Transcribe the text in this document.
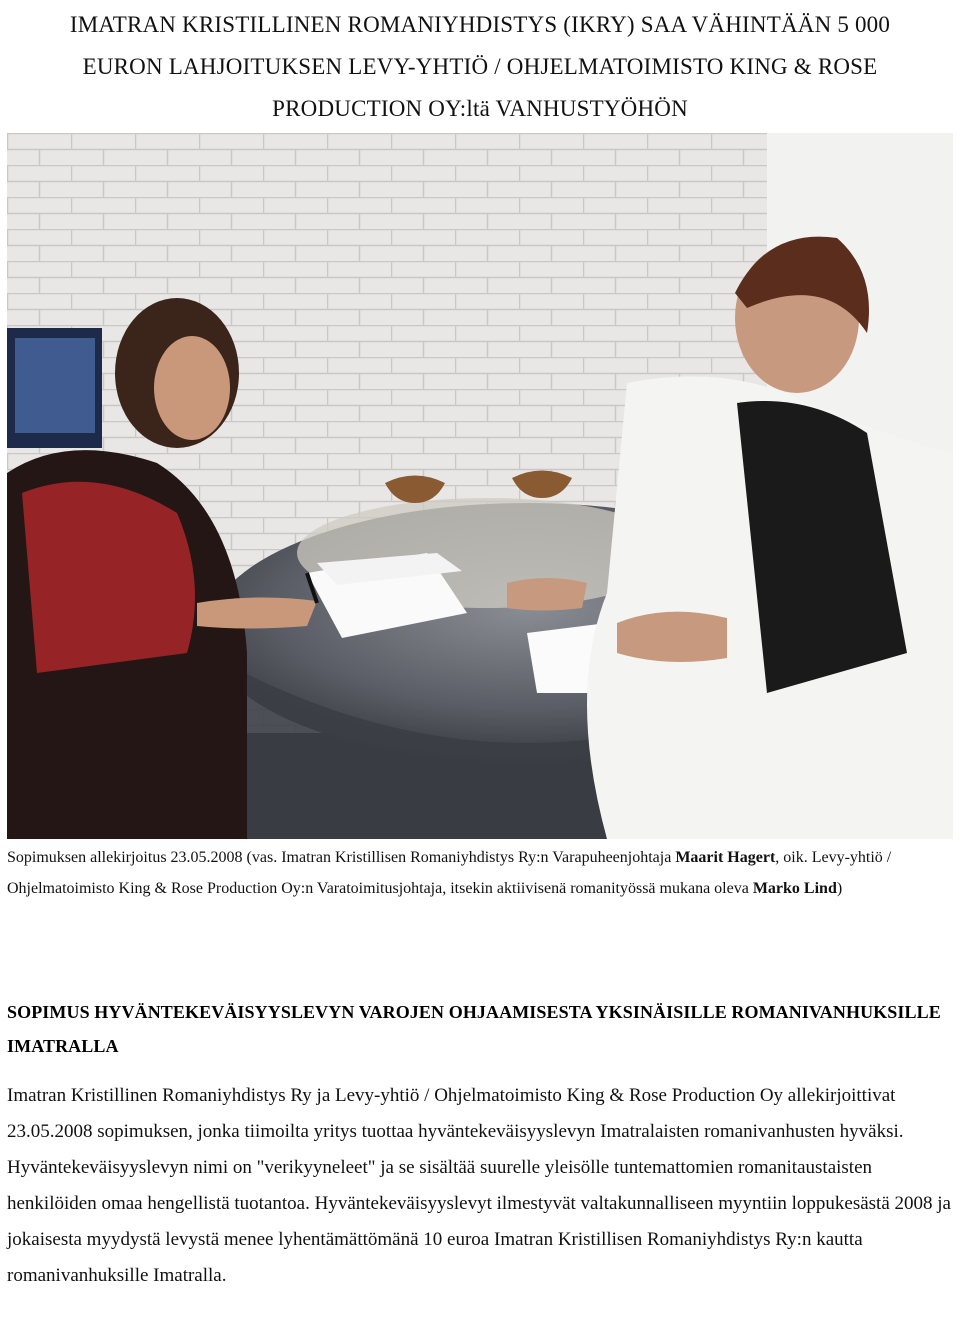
IMATRAN KRISTILLINEN ROMANIYHDISTYS (IKRY) SAA VÄHINTÄÄN 5 000
EURON LAHJOITUKSEN LEVY-YHTIÖ / OHJELMATOIMISTO KING & ROSE
PRODUCTION OY:ltä VANHUSTYÖHÖN
Sopimuksen allekirjoitus 23.05.2008 (vas. Imatran Kristillisen Romaniyhdistys Ry:n Varapuheenjohtaja Maarit Hagert, oik. Levy-yhtiö / Ohjelmatoimisto King & Rose Production Oy:n Varatoimitusjohtaja, itsekin aktiivisenä romanityössä mukana oleva Marko Lind)
SOPIMUS HYVÄNTEKEVÄISYYSLEVYN VAROJEN OHJAAMISESTA YKSINÄISILLE ROMANIVANHUKSILLE IMATRALLA
Imatran Kristillinen Romaniyhdistys Ry ja Levy-yhtiö / Ohjelmatoimisto King & Rose Production Oy allekirjoittivat 23.05.2008 sopimuksen, jonka tiimoilta yritys tuottaa hyväntekeväisyyslevyn Imatralaisten romanivanhusten hyväksi. Hyväntekeväisyyslevyn nimi on "verikyyneleet" ja se sisältää suurelle yleisölle tuntemattomien romanitaustaisten henkilöiden omaa hengellistä tuotantoa. Hyväntekeväisyyslevyt ilmestyvät valtakunnalliseen myyntiin loppukesästä 2008 ja jokaisesta myydystä levystä menee lyhentämättömänä 10 euroa Imatran Kristillisen Romaniyhdistys Ry:n kautta romanivanhuksille Imatralla.
